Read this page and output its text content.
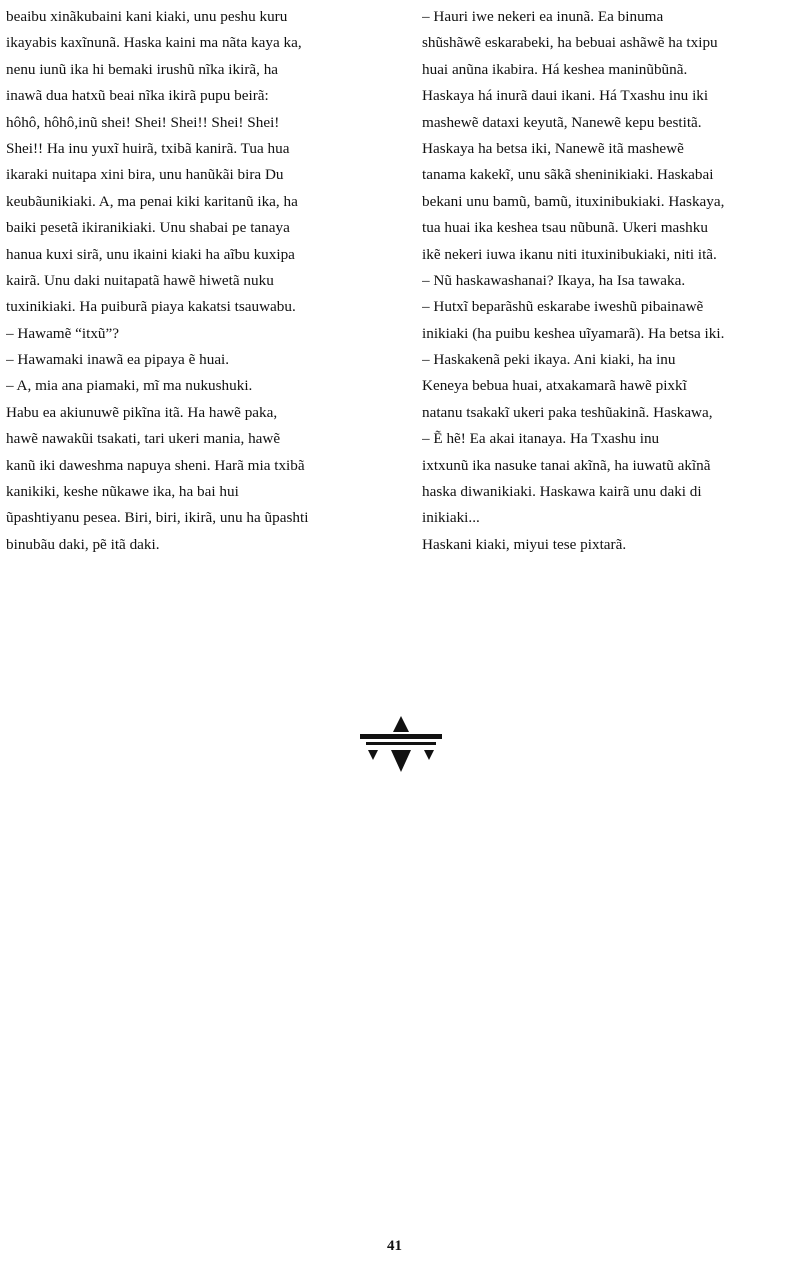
beaibu xinãkubaini kani kiaki, unu peshu kuru
ikayabis kaxĩnunã. Haska kaini ma nãta kaya ka,
nenu iunũ ika hi bemaki irushũ nĩka ikirã, ha
inawã dua hatxũ beai nĩka ikirã pupu beirã:
hôhô, hôhô,inũ shei! Shei! Shei!! Shei! Shei!
Shei!! Ha inu yuxĩ huirã, txibã kanirã. Tua hua
ikaraki nuitapa xini bira, unu hanũkãi bira Du
keubãunikiaki. A, ma penai kiki karitanũ ika, ha
baiki pesetã ikiranikiaki. Unu shabai pe tanaya
hanua kuxi sirã, unu ikaini kiaki ha aĩbu kuxipa
kairã. Unu daki nuitapatã hawẽ hiwetã nuku
tuxinikiaki. Ha puiburã piaya kakatsi tsauwabu.
– Hawamẽ “itxũ”?
– Hawamaki inawã ea pipaya ẽ huai.
– A, mia ana piamaki, mĩ ma nukushuki.
Habu ea akiunuwẽ pikĩna itã. Ha hawẽ paka,
hawẽ nawakũi tsakati, tari ukeri mania, hawẽ
kanũ iki daweshma napuya sheni. Harã mia txibã
kanikiki, keshe nũkawe ika, ha bai hui
ũpashtiyanu pesea. Biri, biri, ikirã, unu ha ũpashti
binubãu daki, pẽ itã daki.
– Hauri iwe nekeri ea inunã. Ea binuma
shũshãwẽ eskarabeki, ha bebuai ashãwẽ ha txipu
huai anũna ikabira. Há keshea maninũbũnã.
Haskaya há inurã daui ikani. Há Txashu inu iki
mashewẽ dataxi keyutã, Nanewẽ kepu bestitã.
Haskaya ha betsa iki, Nanewẽ itã mashewẽ
tanama kakekĩ, unu sãkã sheninikiaki. Haskabai
bekani unu bamũ, bamũ, ituxinibukiaki. Haskaya,
tua huai ika keshea tsau nũbunã. Ukeri mashku
ikẽ nekeri iuwa ikanu niti ituxinibukiaki, niti itã.
– Nũ haskawashanai? Ikaya, ha Isa tawaka.
– Hutxĩ beparãshũ eskarabe iweshũ pibainawẽ
inikiaki (ha puibu keshea uĩyamarã). Ha betsa iki.
– Haskakenã peki ikaya. Ani kiaki, ha inu
Keneya bebua huai, atxakamarã hawẽ pixkĩ
natanu tsakakĩ ukeri paka teshũakinã. Haskawa,
– Ẽ hẽ! Ea akai itanaya. Ha Txashu inu
ixtxunũ ika nasuke tanai akĩnã, ha iuwatũ akĩnã
haska diwanikiaki. Haskawa kairã unu daki di
inikiaki...
Haskani kiaki, miyui tese pixtarã.
41
